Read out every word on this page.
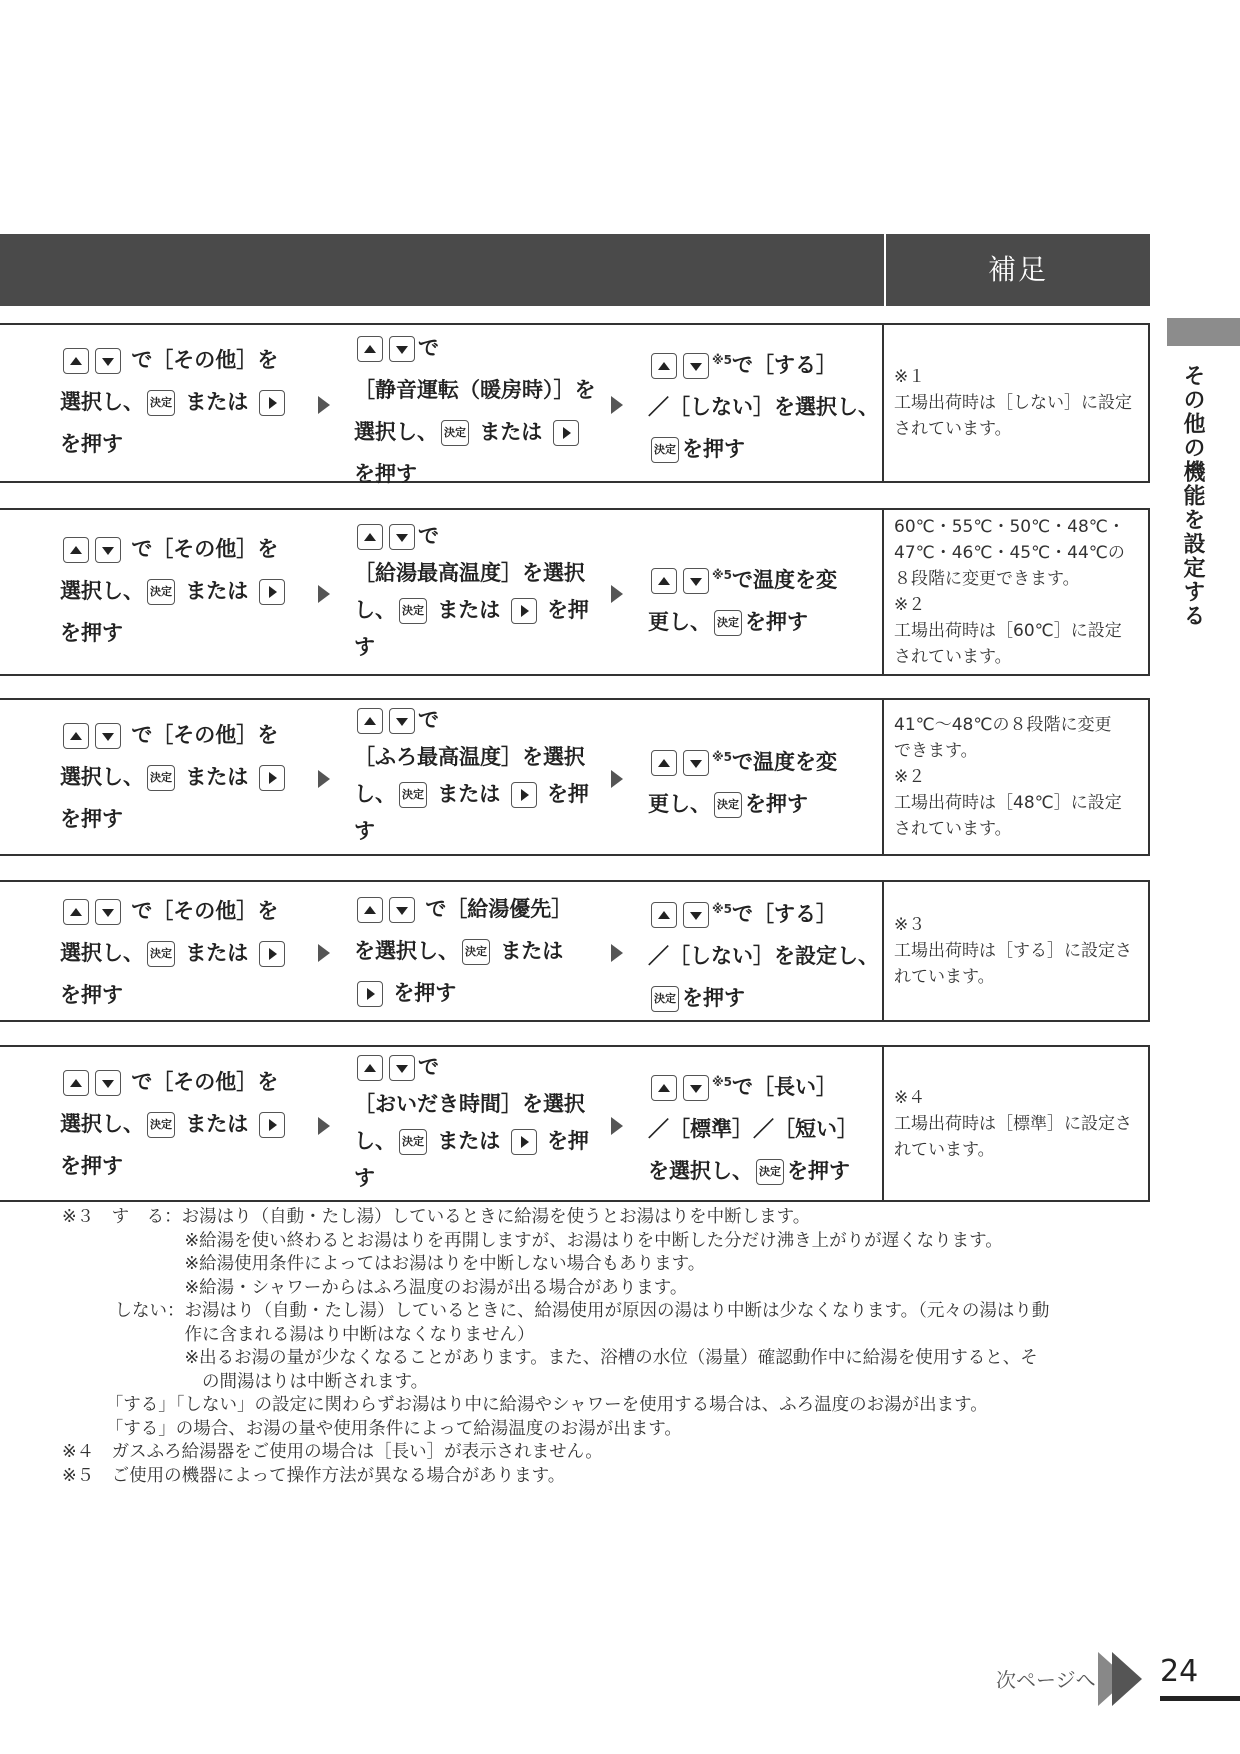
補足
その他の機能を設定する
で［その他］を
選択し、 決定 または
を押す
で
［静音運転（暖房時）］を
選択し、 決定 または
を押す
$^{※5}$で［する］
／［しない］を選択し、
決定 を押す
※１
工場出荷時は［しない］に設定
されています。
で［その他］を
選択し、 決定 または
を押す
で
［給湯最高温度］を選択
し、 決定 または を押
す
$^{※5}$で温度を変
更し、 決定 を押す
60℃・55℃・50℃・48℃・
47℃・46℃・45℃・44℃の
８段階に変更できます。
※２
工場出荷時は［60℃］に設定
されています。
で［その他］を
選択し、 決定 または
を押す
で
［ふろ最高温度］を選択
し、 決定 または を押
す
$^{※5}$で温度を変
更し、 決定 を押す
41℃～48℃の８段階に変更
できます。
※２
工場出荷時は［48℃］に設定
されています。
で［その他］を
選択し、 決定 または
を押す
で［給湯優先］
を選択し、 決定 または
を押す
$^{※5}$で［する］
／［しない］を設定し、
決定 を押す
※３
工場出荷時は［する］に設定さ
れています。
で［その他］を
選択し、 決定 または
を押す
で
［おいだき時間］を選択
し、 決定 または を押
す
$^{※5}$で［長い］
／［標準］／［短い］
を選択し、 決定 を押す
※４
工場出荷時は［標準］に設定さ
れています。
※３　す　る：お湯はり（自動・たし湯）しているときに給湯を使うとお湯はりを中断します。
　　　　　　　※給湯を使い終わるとお湯はりを再開しますが、お湯はりを中断した分だけ沸き上がりが遅くなります。
　　　　　　　※給湯使用条件によってはお湯はりを中断しない場合もあります。
　　　　　　　※給湯・シャワーからはふろ温度のお湯が出る場合があります。
　　　しない：お湯はり（自動・たし湯）しているときに、給湯使用が原因の湯はり中断は少なくなります。（元々の湯はり動
　　　　　　　作に含まれる湯はり中断はなくなりません）
　　　　　　　※出るお湯の量が少なくなることがあります。また、浴槽の水位（湯量）確認動作中に給湯を使用すると、そ
　　　　　　　　の間湯はりは中断されます。
　　　「する」「しない」の設定に関わらずお湯はり中に給湯やシャワーを使用する場合は、ふろ温度のお湯が出ます。
　　　「する」の場合、お湯の量や使用条件によって給湯温度のお湯が出ます。
※４　ガスふろ給湯器をご使用の場合は［長い］が表示されません。
※５　ご使用の機器によって操作方法が異なる場合があります。
次ページへ 24
